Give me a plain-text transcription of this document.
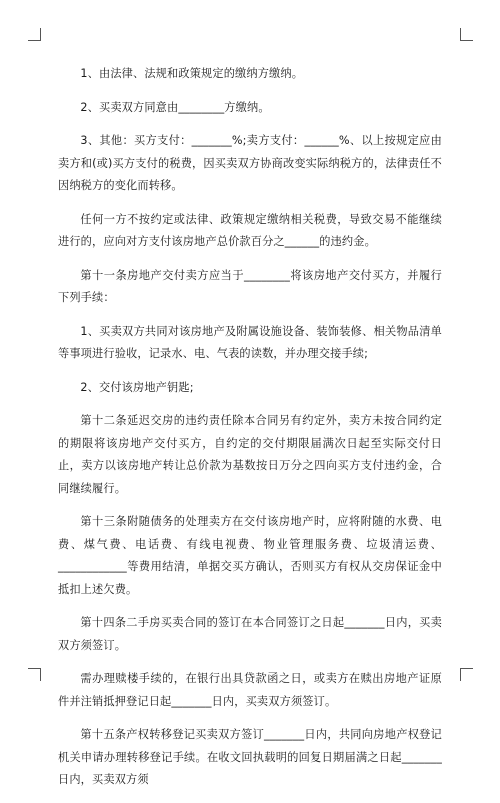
1、由法律、法规和政策规定的缴纳方缴纳。

2、买卖双方同意由________方缴纳。

3、其他：买方支付：_______%;卖方支付：______%、以上按规定应由卖方和(或)买方支付的税费，因买卖双方协商改变实际纳税方的，法律责任不因纳税方的变化而转移。

任何一方不按约定或法律、政策规定缴纳相关税费，导致交易不能继续进行的，应向对方支付该房地产总价款百分之______的违约金。

第十一条房地产交付卖方应当于________将该房地产交付买方，并履行下列手续：

1、买卖双方共同对该房地产及附属设施设备、装饰装修、相关物品清单等事项进行验收，记录水、电、气表的读数，并办理交接手续;

2、交付该房地产钥匙;

第十二条延迟交房的违约责任除本合同另有约定外，卖方未按合同约定的期限将该房地产交付买方，自约定的交付期限届满次日起至实际交付日止，卖方以该房地产转让总价款为基数按日万分之四向买方支付违约金，合同继续履行。

第十三条附随债务的处理卖方在交付该房地产时，应将附随的水费、电费、煤气费、电话费、有线电视费、物业管理服务费、垃圾清运费、____________等费用结清，单据交买方确认，否则买方有权从交房保证金中抵扣上述欠费。

第十四条二手房买卖合同的签订在本合同签订之日起_______日内，买卖双方须签订。

需办理赎楼手续的，在银行出具贷款函之日，或卖方在赎出房地产证原件并注销抵押登记日起_______日内，买卖双方须签订。

第十五条产权转移登记买卖双方签订_______日内，共同向房地产权登记机关申请办理转移登记手续。在收文回执载明的回复日期届满之日起_______日内，买卖双方须
